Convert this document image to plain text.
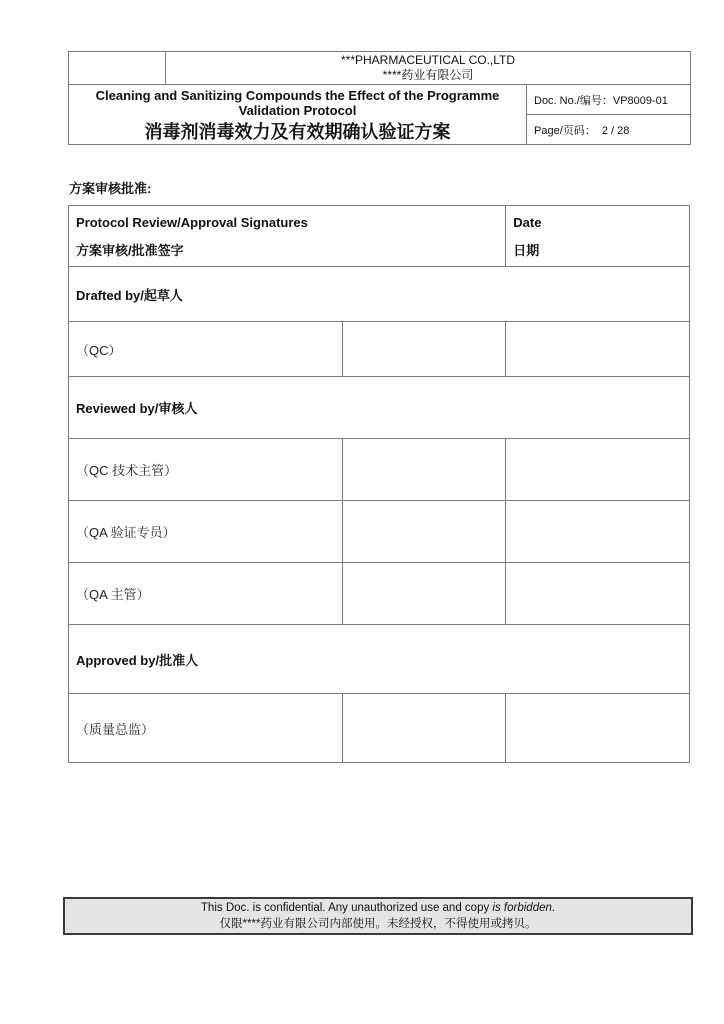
	***PHARMACEUTICAL CO.,LTD
****药业有限公司	

Cleaning and Sanitizing Compounds the Effect of the Programme
Validation Protocol
消毒剂消毒效力及有效期确认验证方案		Doc. No./编号：VP8009-01
		Page/页码： 2 / 28
方案审核批准:
Protocol Review/Approval Signatures
方案审核/批准签字

Date
日期

Drafted by/起草人		
（QC）		
Reviewed by/审核人		
（QC 技术主管）		
（QA 验证专员）		
（QA 主管）		
Approved by/批准人		
（质量总监）		
This Doc. is confidential. Any unauthorized use and copy is forbidden.
仅限****药业有限公司内部使用。未经授权，不得使用或拷贝。
